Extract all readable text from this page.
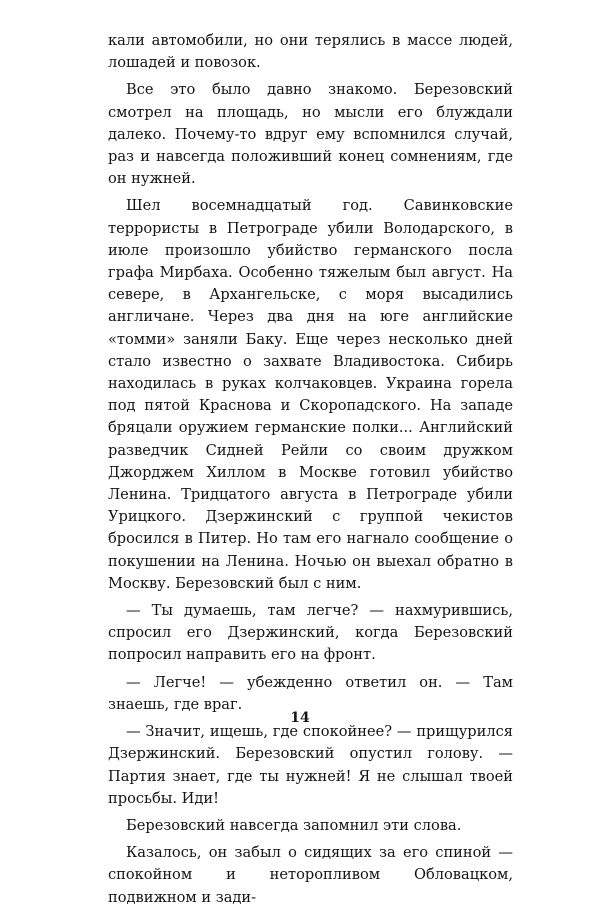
кали автомобили, но они терялись в массе людей, лошадей и повозок.

Все это было давно знакомо. Березовский смотрел на площадь, но мысли его блуждали далеко. Почему-то вдруг ему вспомнился случай, раз и навсегда положивший конец сомнениям, где он нужней.

Шел восемнадцатый год. Савинковские террористы в Петрограде убили Володарского, в июле произошло убийство германского посла графа Мирбаха. Особенно тяжелым был август. На севере, в Архангельске, с моря высадились англичане. Через два дня на юге английские «томми» заняли Баку. Еще через несколько дней стало известно о захвате Владивостока. Сибирь находилась в руках колчаковцев. Украина горела под пятой Краснова и Скоропадского. На западе бряцали оружием германские полки... Английский разведчик Сидней Рейли со своим дружком Джорджем Хиллом в Москве готовил убийство Ленина. Тридцатого августа в Петрограде убили Урицкого. Дзержинский с группой чекистов бросился в Питер. Но там его нагнало сообщение о покушении на Ленина. Ночью он выехал обратно в Москву. Березовский был с ним.

— Ты думаешь, там легче? — нахмурившись, спросил его Дзержинский, когда Березовский попросил направить его на фронт.

— Легче! — убежденно ответил он. — Там знаешь, где враг.

— Значит, ищешь, где спокойнее? — прищурился Дзержинский. Березовский опустил голову. — Партия знает, где ты нужней! Я не слышал твоей просьбы. Иди!

Березовский навсегда запомнил эти слова.

Казалось, он забыл о сидящих за его спиной — спокойном и неторопливом Обловацком, подвижном и зади-

14
